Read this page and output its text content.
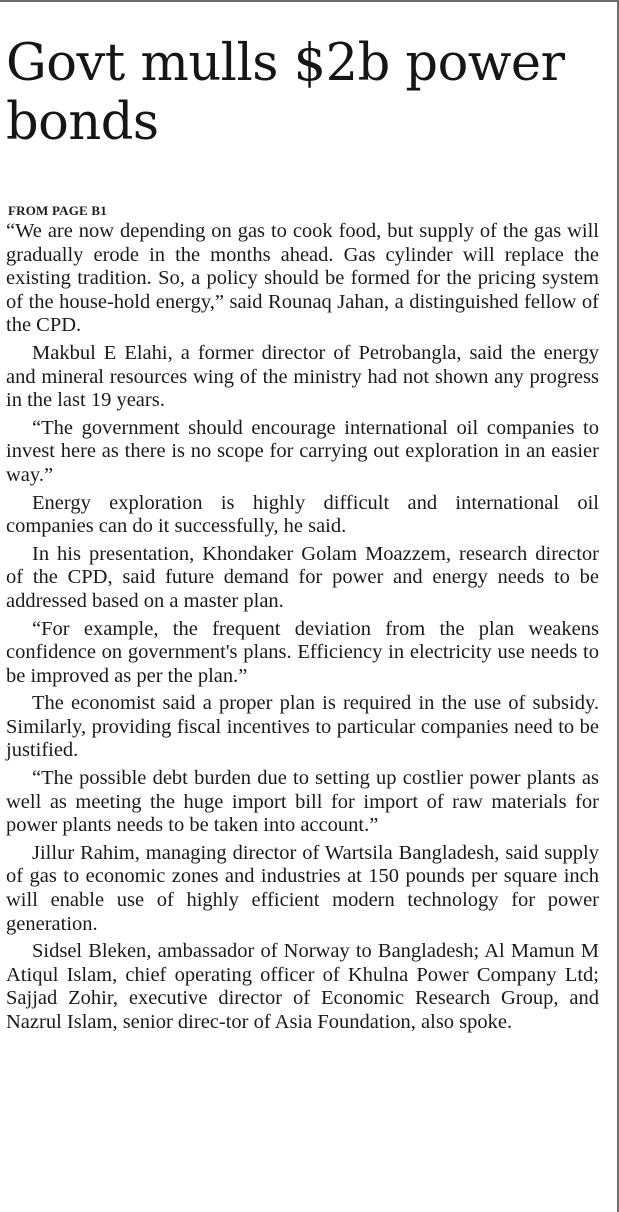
Govt mulls $2b power bonds
FROM PAGE B1

“We are now depending on gas to cook food, but supply of the gas will gradually erode in the months ahead. Gas cylinder will replace the existing tradition. So, a policy should be formed for the pricing system of the house-hold energy,” said Rounaq Jahan, a distinguished fellow of the CPD.

Makbul E Elahi, a former director of Petrobangla, said the energy and mineral resources wing of the ministry had not shown any progress in the last 19 years.

“The government should encourage international oil companies to invest here as there is no scope for carrying out exploration in an easier way.”

Energy exploration is highly difficult and international oil companies can do it successfully, he said.

In his presentation, Khondaker Golam Moazzem, research director of the CPD, said future demand for power and energy needs to be addressed based on a master plan.

“For example, the frequent deviation from the plan weakens confidence on government's plans. Efficiency in electricity use needs to be improved as per the plan.”

The economist said a proper plan is required in the use of subsidy. Similarly, providing fiscal incentives to particular companies need to be justified.

“The possible debt burden due to setting up costlier power plants as well as meeting the huge import bill for import of raw materials for power plants needs to be taken into account.”

Jillur Rahim, managing director of Wartsila Bangladesh, said supply of gas to economic zones and industries at 150 pounds per square inch will enable use of highly efficient modern technology for power generation.

Sidsel Bleken, ambassador of Norway to Bangladesh; Al Mamun M Atiqul Islam, chief operating officer of Khulna Power Company Ltd; Sajjad Zohir, executive director of Economic Research Group, and Nazrul Islam, senior direc-tor of Asia Foundation, also spoke.
